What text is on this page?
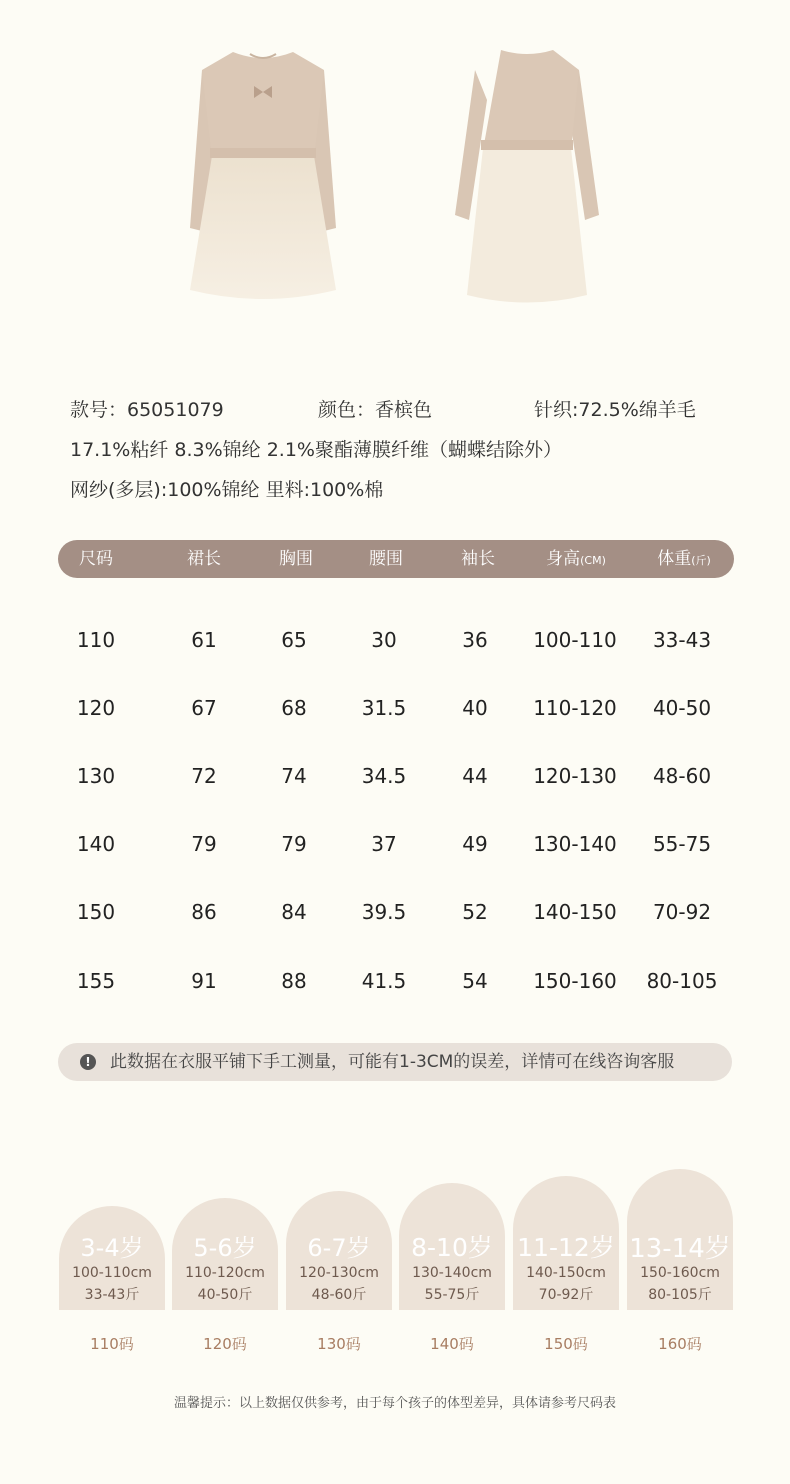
款号：65051079	颜色：香槟色	针织:72.5%绵羊毛
17.1%粘纤 8.3%锦纶 2.1%聚酯薄膜纤维（蝴蝶结除外）
网纱(多层):100%锦纶 里料:100%棉
尺码	裙长	胸围	腰围	袖长	身高(CM)	体重(斤)
110	61	65	30	36	100-110	33-43
120	67	68	31.5	40	110-120	40-50
130	72	74	34.5	44	120-130	48-60
140	79	79	37	49	130-140	55-75
150	86	84	39.5	52	140-150	70-92
155	91	88	41.5	54	150-160	80-105
!	此数据在衣服平铺下手工测量，可能有1-3CM的误差，详情可在线咨询客服
3-4岁
100-110cm
33-43斤
110码
5-6岁
110-120cm
40-50斤
120码
6-7岁
120-130cm
48-60斤
130码
8-10岁
130-140cm
55-75斤
140码
11-12岁
140-150cm
70-92斤
150码
13-14岁
150-160cm
80-105斤
160码
温馨提示：以上数据仅供参考，由于每个孩子的体型差异，具体请参考尺码表
